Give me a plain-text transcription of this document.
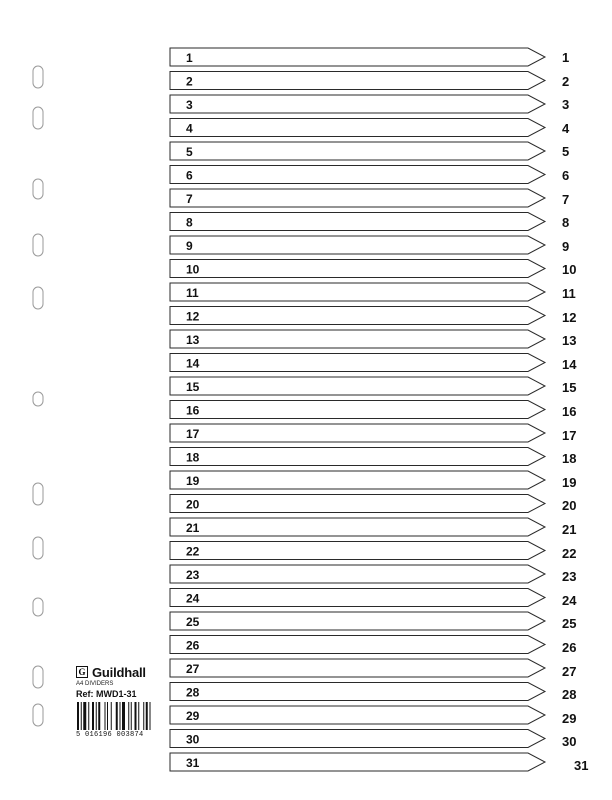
1
2
3
4
5
6
7
8
9
10
11
12
13
14
15
16
17
18
19
20
21
22
23
24
25
26
27
28
29
30
31
1
2
3
4
5
6
7
8
9
10
11
12
13
14
15
16
17
18
19
20
21
22
23
24
25
26
27
28
29
30
31
G Guildhall
A4 DIVIDERS
Ref: MWD1-31
5 016196 003874
